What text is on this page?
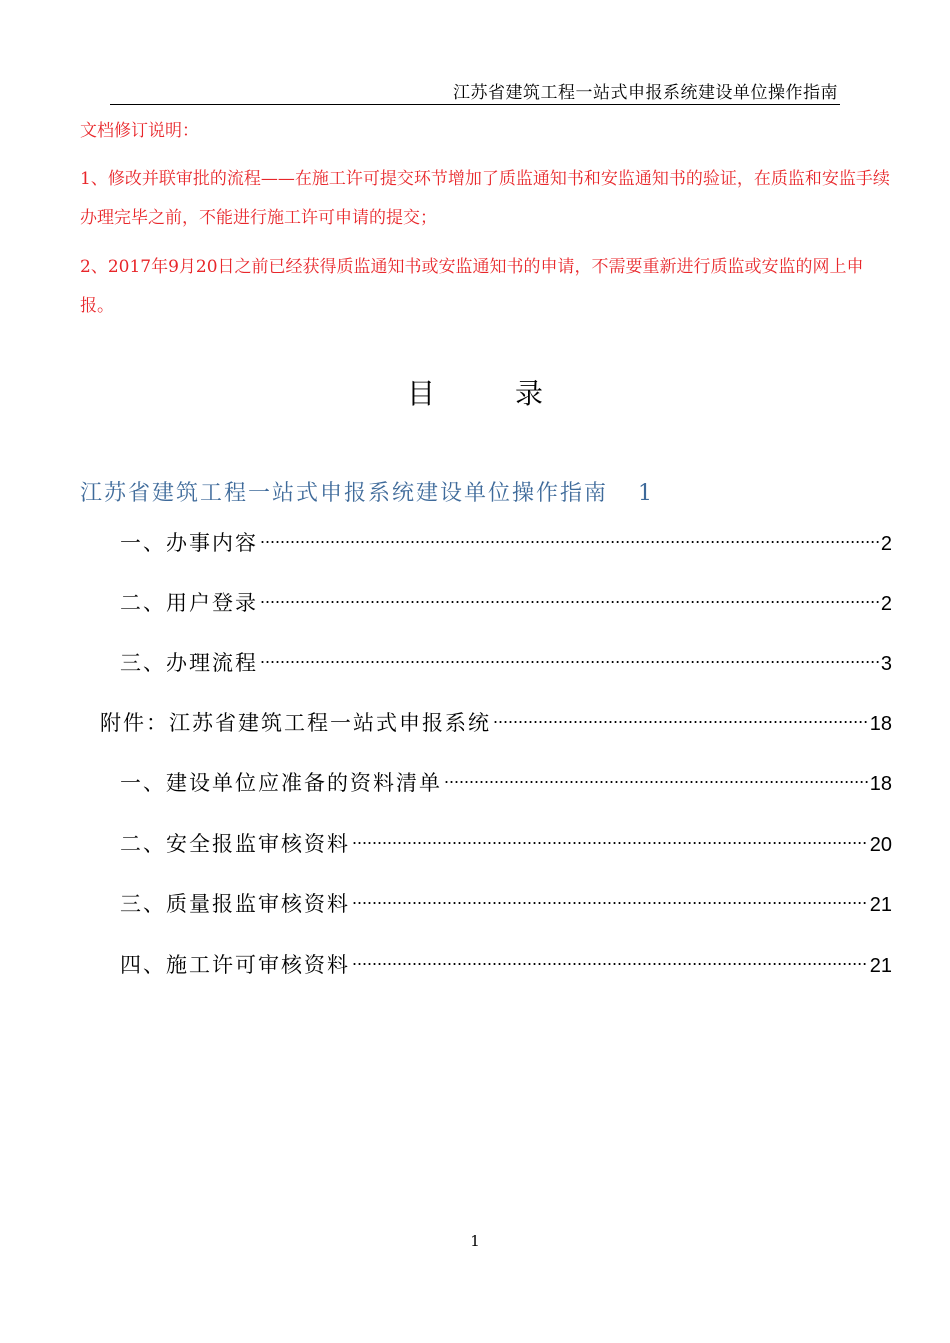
江苏省建筑工程一站式申报系统建设单位操作指南
文档修订说明：

1、修改并联审批的流程——在施工许可提交环节增加了质监通知书和安监通知书的验证，在质监和安监手续办理完毕之前，不能进行施工许可申请的提交；

2、2017年9月20日之前已经获得质监通知书或安监通知书的申请，不需要重新进行质监或安监的网上申报。

目	录
江苏省建筑工程一站式申报系统建设单位操作指南 1
一、办事内容 .....	2
二、用户登录 .....	2
三、办理流程 .....	3
附件：江苏省建筑工程一站式申报系统 .....	18
一、建设单位应准备的资料清单 .....	18
二、安全报监审核资料 .....	20
三、质量报监审核资料 .....	21
四、施工许可审核资料 .....	21
1
